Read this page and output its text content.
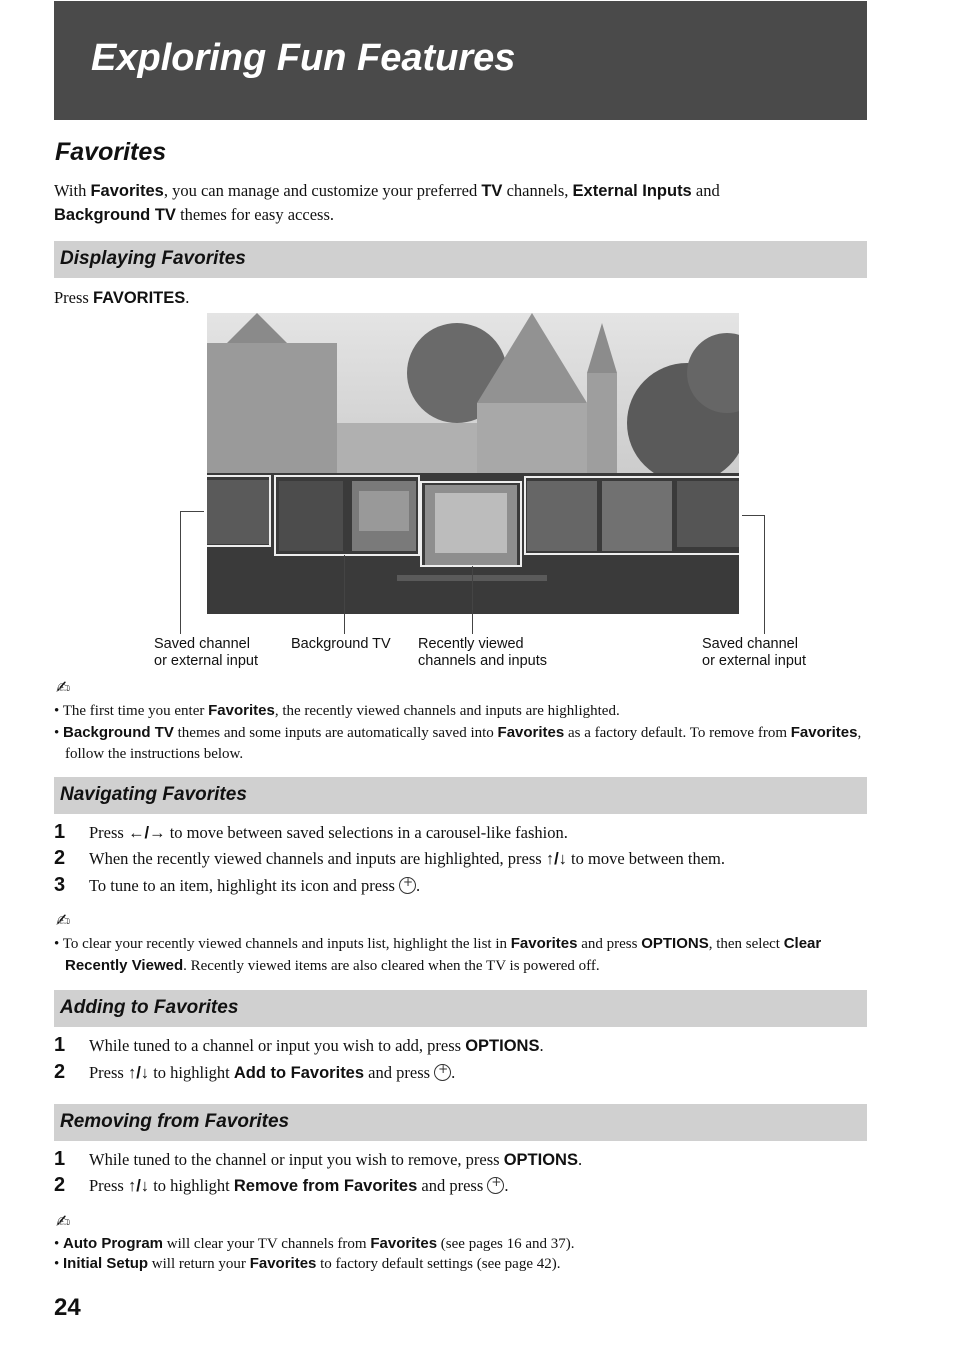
Exploring Fun Features
Favorites

With Favorites, you can manage and customize your preferred TV channels, External Inputs and
Background TV themes for easy access.

Displaying Favorites

Press FAVORITES.

Saved channel
or external input
Background TV Recently viewed
channels and inputs
Saved channel
or external input
✍
• The first time you enter Favorites, the recently viewed channels and inputs are highlighted.
• Background TV themes and some inputs are automatically saved into Favorites as a factory default. To remove from Favorites, follow the instructions below.
Navigating Favorites
1 Press ←/→ to move between saved selections in a carousel-like fashion.
2 When the recently viewed channels and inputs are highlighted, press ↑/↓ to move between them.
3 To tune to an item, highlight its icon and press +.
✍
• To clear your recently viewed channels and inputs list, highlight the list in Favorites and press OPTIONS, then select Clear Recently Viewed. Recently viewed items are also cleared when the TV is powered off.
Adding to Favorites
1 While tuned to a channel or input you wish to add, press OPTIONS.
2 Press ↑/↓ to highlight Add to Favorites and press +.
Removing from Favorites
1 While tuned to the channel or input you wish to remove, press OPTIONS.
2 Press ↑/↓ to highlight Remove from Favorites and press +.
✍
• Auto Program will clear your TV channels from Favorites (see pages 16 and 37).
• Initial Setup will return your Favorites to factory default settings (see page 42).
24
